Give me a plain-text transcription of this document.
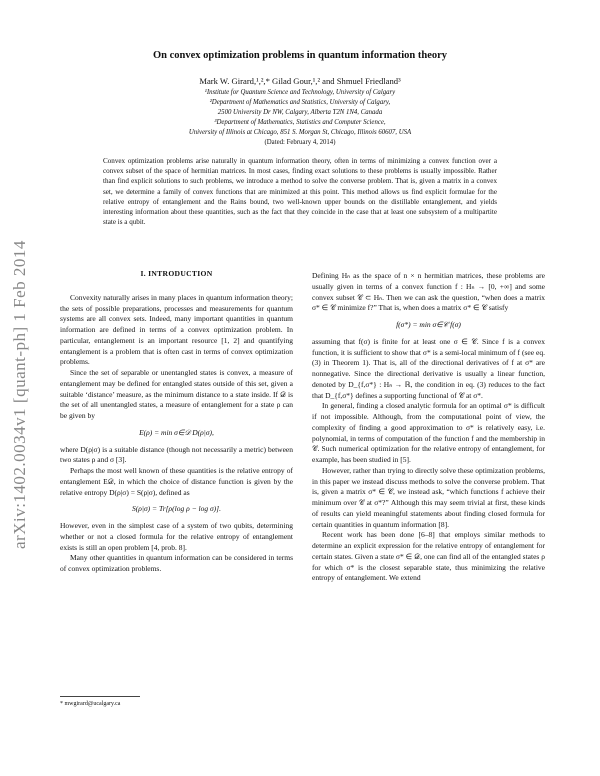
arXiv:1402.0034v1 [quant-ph] 1 Feb 2014
On convex optimization problems in quantum information theory
Mark W. Girard,¹,²,* Gilad Gour,¹,² and Shmuel Friedland³
¹Institute for Quantum Science and Technology, University of Calgary
²Department of Mathematics and Statistics, University of Calgary,
2500 University Dr NW, Calgary, Alberta T2N 1N4, Canada
³Department of Mathematics, Statistics and Computer Science,
University of Illinois at Chicago, 851 S. Morgan St, Chicago, Illinois 60607, USA
(Dated: February 4, 2014)
Convex optimization problems arise naturally in quantum information theory, often in terms of minimizing a convex function over a convex subset of the space of hermitian matrices. In most cases, finding exact solutions to these problems is usually impossible. Rather than find explicit solutions to such problems, we introduce a method to solve the converse problem. That is, given a matrix in a convex set, we determine a family of convex functions that are minimized at this point. This method allows us find explicit formulae for the relative entropy of entanglement and the Rains bound, two well-known upper bounds on the distillable entanglement, and yields interesting information about these quantities, such as the fact that they coincide in the case that at least one subsystem of a multipartite state is a qubit.
I. INTRODUCTION

Convexity naturally arises in many places in quantum information theory; the sets of possible preparations, processes and measurements for quantum systems are all convex sets. Indeed, many important quantities in quantum information are defined in terms of a convex optimization problem. In particular, entanglement is an important resource [1, 2] and quantifying entanglement is a problem that is often cast in terms of convex optimization problems.

Since the set of separable or unentangled states is convex, a measure of entanglement may be defined for entangled states outside of this set, given a suitable ‘distance’ measure, as the minimum distance to a state inside. If 𝒟 is the set of all unentangled states, a measure of entanglement for a state ρ can be given by

E(ρ) = min σ∈𝒟 D(ρ|σ),

where D(ρ|σ) is a suitable distance (though not necessarily a metric) between two states ρ and σ [3].

Perhaps the most well known of these quantities is the relative entropy of entanglement E𝒟, in which the choice of distance function is given by the relative entropy D(ρ|σ) = S(ρ|σ), defined as

S(ρ|σ) = Tr[ρ(log ρ − log σ)].

However, even in the simplest case of a system of two qubits, determining whether or not a closed formula for the relative entropy of entanglement exists is still an open problem [4, prob. 8].

Many other quantities in quantum information can be considered in terms of convex optimization problems.

Defining Hₙ as the space of n × n hermitian matrices, these problems are usually given in terms of a convex function f : Hₙ → [0, +∞] and some convex subset 𝒞 ⊂ Hₙ. Then we can ask the question, “when does a matrix σ* ∈ 𝒞 minimize f?” That is, when does a matrix σ* ∈ 𝒞 satisfy

f(σ*) = min σ∈𝒞 f(σ)

assuming that f(σ) is finite for at least one σ ∈ 𝒞. Since f is a convex function, it is sufficient to show that σ* is a semi-local minimum of f (see eq. (3) in Theorem 1). That is, all of the directional derivatives of f at σ* are nonnegative. Since the directional derivative is usually a linear function, denoted by D_{f,σ*} : Hₙ → ℝ, the condition in eq. (3) reduces to the fact that D_{f,σ*} defines a supporting functional of 𝒞 at σ*.

In general, finding a closed analytic formula for an optimal σ* is difficult if not impossible. Although, from the computational point of view, the complexity of finding a good approximation to σ* is relatively easy, i.e. polynomial, in terms of computation of the function f and the membership in 𝒞. Such numerical optimization for the relative entropy of entanglement, for example, has been studied in [5].

However, rather than trying to directly solve these optimization problems, in this paper we instead discuss methods to solve the converse problem. That is, given a matrix σ* ∈ 𝒞, we instead ask, “which functions f achieve their minimum over 𝒞 at σ*?” Although this may seem trivial at first, these kinds of results can yield meaningful statements about finding closed formula for certain quantities in quantum information [8].

Recent work has been done [6–8] that employs similar methods to determine an explicit expression for the relative entropy of entanglement for certain states. Given a state σ* ∈ 𝒟, one can find all of the entangled states ρ for which σ* is the closest separable state, thus minimizing the relative entropy of entanglement. We extend

* mwgirard@ucalgary.ca
